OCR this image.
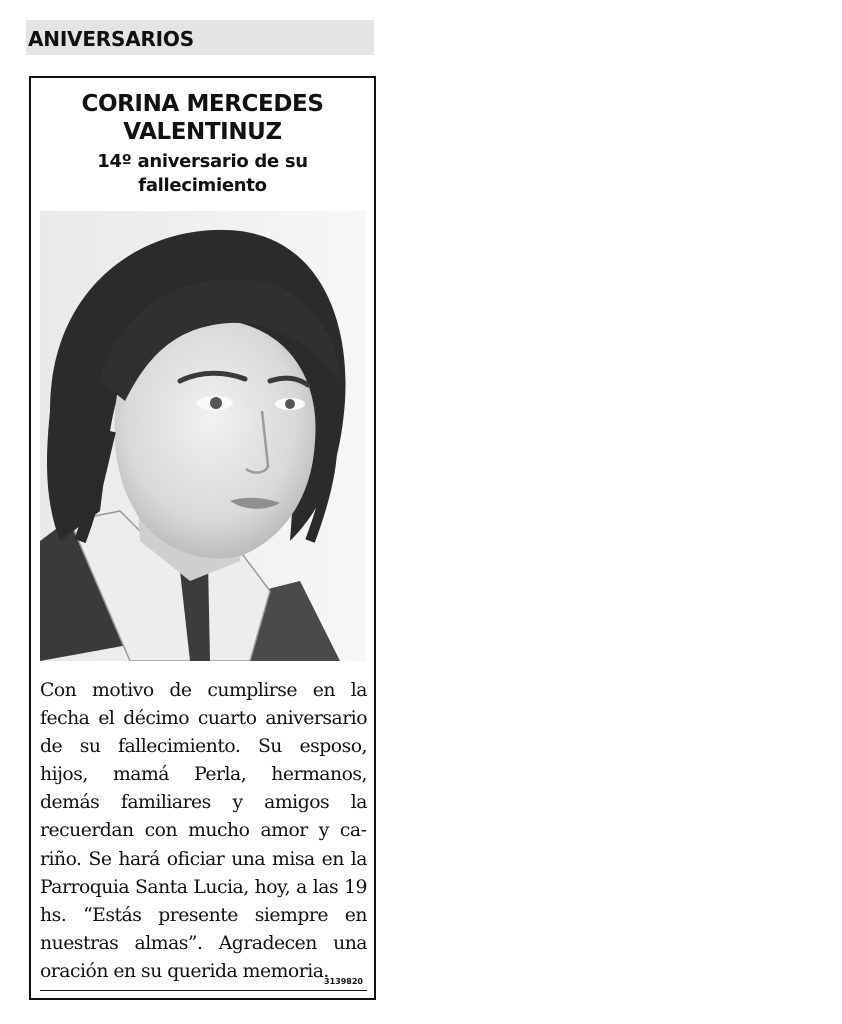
ANIVERSARIOS
CORINA MERCEDES
VALENTINUZ
14º aniversario de su
fallecimiento
Con motivo de cumplirse en la fecha el décimo cuarto aniversario de su fallecimiento. Su esposo, hijos, mamá Perla, hermanos, demás familiares y amigos la recuerdan con mucho amor y cariño. Se hará oficiar una misa en la Parroquia Santa Lucia, hoy, a las 19 hs. “Estás presente siempre en nuestras almas”. Agradecen una oración en su querida memoria.
3139820
